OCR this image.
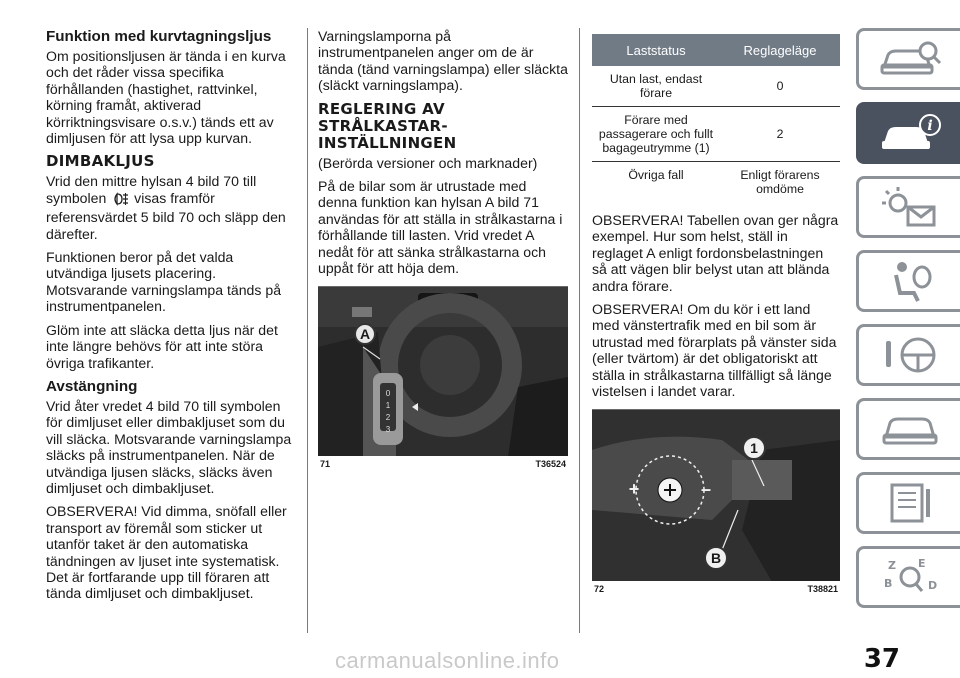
Funktion med kurvtagningsljus

Om positionsljusen är tända i en kurva och det råder vissa specifika förhållanden (hastighet, rattvinkel, körning framåt, aktiverad körriktningsvisare o.s.v.) tänds ett av dimljusen för att lysa upp kurvan.

DIMBAKLJUS

Vrid den mittre hylsan 4 bild 70 till symbolen visas framför referensvärdet 5 bild 70 och släpp den därefter.

Funktionen beror på det valda utvändiga ljusets placering. Motsvarande varningslampa tänds på instrumentpanelen.

Glöm inte att släcka detta ljus när det inte längre behövs för att inte störa övriga trafikanter.

Avstängning

Vrid åter vredet 4 bild 70 till symbolen för dimljuset eller dimbakljuset som du vill släcka. Motsvarande varningslampa släcks på instrumentpanelen. När de utvändiga ljusen släcks, släcks även dimljuset och dimbakljuset.

OBSERVERA! Vid dimma, snöfall eller transport av föremål som sticker ut utanför taket är den automatiska tändningen av ljuset inte systematisk. Det är fortfarande upp till föraren att tända dimljuset och dimbakljuset.

Varningslamporna på instrumentpanelen anger om de är tända (tänd varningslampa) eller släckta (släckt varningslampa).

REGLERING AV STRÅLKASTAR-INSTÄLLNINGEN

(Berörda versioner och marknader)

På de bilar som är utrustade med denna funktion kan hylsan A bild 71 användas för att ställa in strålkastarna i förhållande till lasten. Vrid vredet A nedåt för att sänka strålkastarna och uppåt för att höja dem.

0
1
2
3
A
71	T36524
Laststatus	Reglageläge
Utan last, endast förare	0
Förare med passagerare och fullt bagageutrymme (1)	2
Övriga fall	Enligt förarens omdöme

OBSERVERA! Tabellen ovan ger några exempel. Hur som helst, ställ in reglaget A enligt fordonsbelastningen så att vägen blir belyst utan att blända andra förare.

OBSERVERA! Om du kör i ett land med vänstertrafik med en bil som är utrustad med förarplats på vänster sida (eller tvärtom) är det obligatoriskt att ställa in strålkastarna tillfälligt så länge vistelsen i landet varar.

+	–
1
B
72	T38821
i
Z E
B	D
37
carmanualsonline.info
